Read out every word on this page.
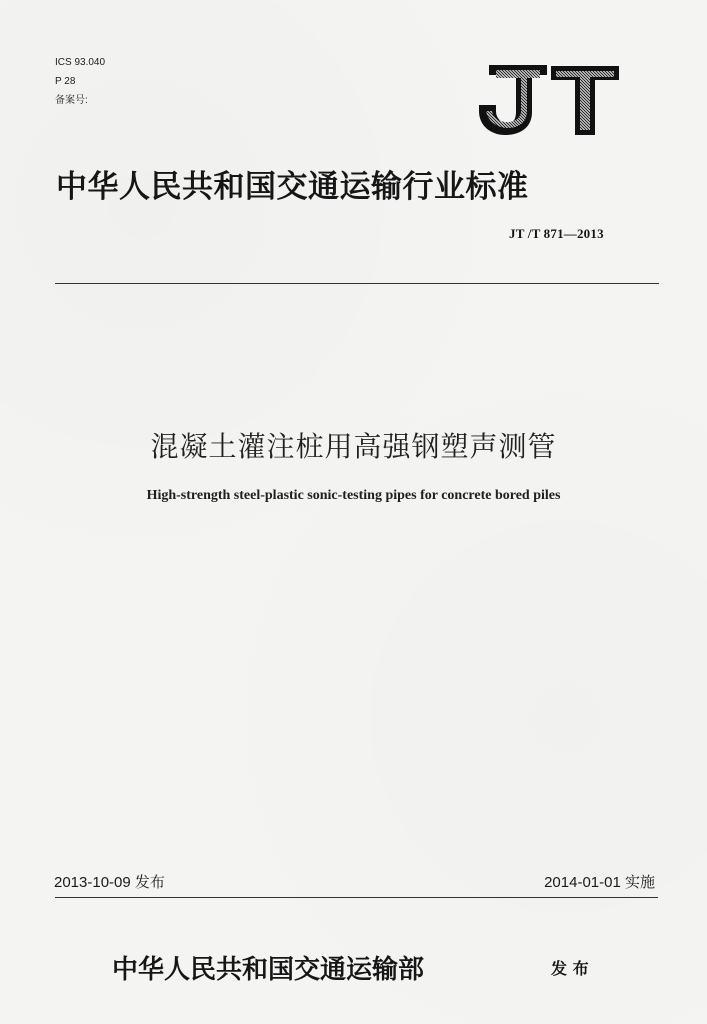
ICS 93.040
P 28
备案号:
中华人民共和国交通运输行业标准
JT /T 871—2013
混凝土灌注桩用高强钢塑声测管
High-strength steel-plastic sonic-testing pipes for concrete bored piles
2013-10-09 发布	2014-01-01 实施
中华人民共和国交通运输部	发 布
